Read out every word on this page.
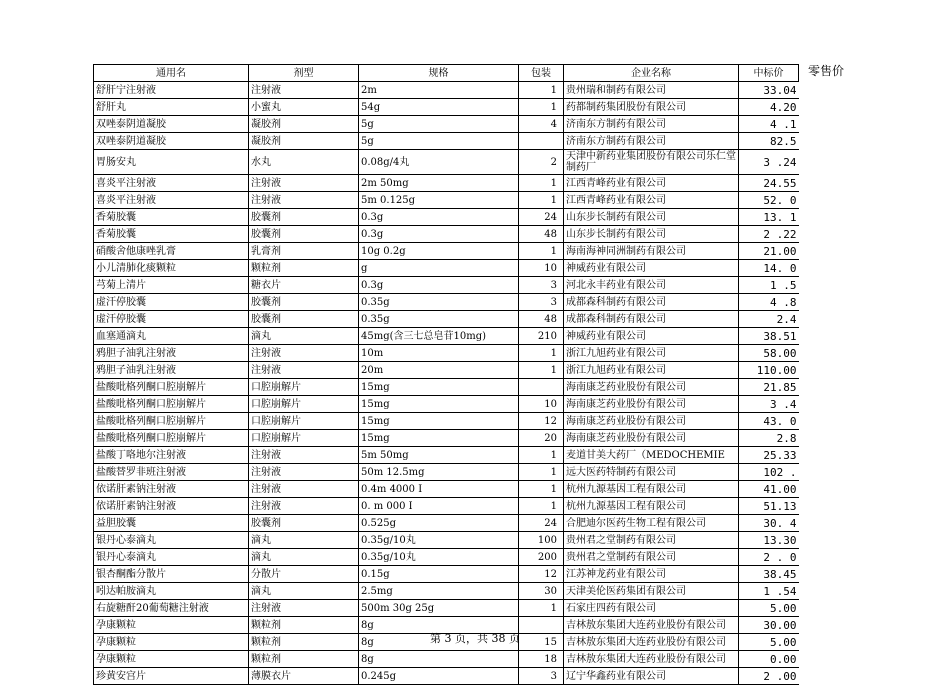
通用名	剂型	规格	包装	企业名称	中标价
舒肝宁注射液	注射液	2m	1	贵州瑞和制药有限公司	33.04
舒肝丸	小蜜丸	54g	1	药都制药集团股份有限公司	4.20
双唑泰阴道凝胶	凝胶剂	5g	4	济南东方制药有限公司	4 .1
双唑泰阴道凝胶	凝胶剂	5g		济南东方制药有限公司	82.5
胃肠安丸	水丸	0.08g/4丸	2	天津中新药业集团股份有限公司乐仁堂制药厂	3 .24
喜炎平注射液	注射液	2m 50mg	1	江西青峰药业有限公司	24.55
喜炎平注射液	注射液	5m 0.125g	1	江西青峰药业有限公司	52. 0
香菊胶囊	胶囊剂	0.3g	24	山东步长制药有限公司	13. 1
香菊胶囊	胶囊剂	0.3g	48	山东步长制药有限公司	2 .22
硝酸舍他康唑乳膏	乳膏剂	10g 0.2g	1	海南海神同洲制药有限公司	21.00
小儿清肺化痰颗粒	颗粒剂	g	10	神威药业有限公司	14. 0
芎菊上清片	糖衣片	0.3g	3	河北永丰药业有限公司	1 .5
虚汗停胶囊	胶囊剂	0.35g	3	成都森科制药有限公司	4 .8
虚汗停胶囊	胶囊剂	0.35g	48	成都森科制药有限公司	2.4
血塞通滴丸	滴丸	45mg(含三七总皂苷10mg)	210	神威药业有限公司	38.51
鸦胆子油乳注射液	注射液	10m	1	浙江九旭药业有限公司	58.00
鸦胆子油乳注射液	注射液	20m	1	浙江九旭药业有限公司	110.00
盐酸吡格列酮口腔崩解片	口腔崩解片	15mg		海南康芝药业股份有限公司	21.85
盐酸吡格列酮口腔崩解片	口腔崩解片	15mg	10	海南康芝药业股份有限公司	3 .4
盐酸吡格列酮口腔崩解片	口腔崩解片	15mg	12	海南康芝药业股份有限公司	43. 0
盐酸吡格列酮口腔崩解片	口腔崩解片	15mg	20	海南康芝药业股份有限公司	2.8
盐酸丁咯地尔注射液	注射液	5m 50mg	1	麦道甘美大药厂（MEDOCHEMIE	25.33
盐酸替罗非班注射液	注射液	50m 12.5mg	1	远大医药特制药有限公司	102 .
依诺肝素钠注射液	注射液	0.4m 4000 I	1	杭州九源基因工程有限公司	41.00
依诺肝素钠注射液	注射液	0. m 000 I	1	杭州九源基因工程有限公司	51.13
益胆胶囊	胶囊剂	0.525g	24	合肥迪尔医药生物工程有限公司	30. 4
银丹心泰滴丸	滴丸	0.35g/10丸	100	贵州君之堂制药有限公司	13.30
银丹心泰滴丸	滴丸	0.35g/10丸	200	贵州君之堂制药有限公司	2 . 0
银杏酮酯分散片	分散片	0.15g	12	江苏神龙药业有限公司	38.45
吲达帕胺滴丸	滴丸	2.5mg	30	天津美伦医药集团有限公司	1 .54
右旋糖酐20葡萄糖注射液	注射液	500m 30g 25g	1	石家庄四药有限公司	5.00
孕康颗粒	颗粒剂	8g		吉林敖东集团大连药业股份有限公司	30.00
孕康颗粒	颗粒剂	8g	15	吉林敖东集团大连药业股份有限公司	5.00
孕康颗粒	颗粒剂	8g	18	吉林敖东集团大连药业股份有限公司	0.00
珍黄安宫片	薄膜衣片	0.245g	3	辽宁华鑫药业有限公司	2 .00
零售价
第 3 页，共 38 页
